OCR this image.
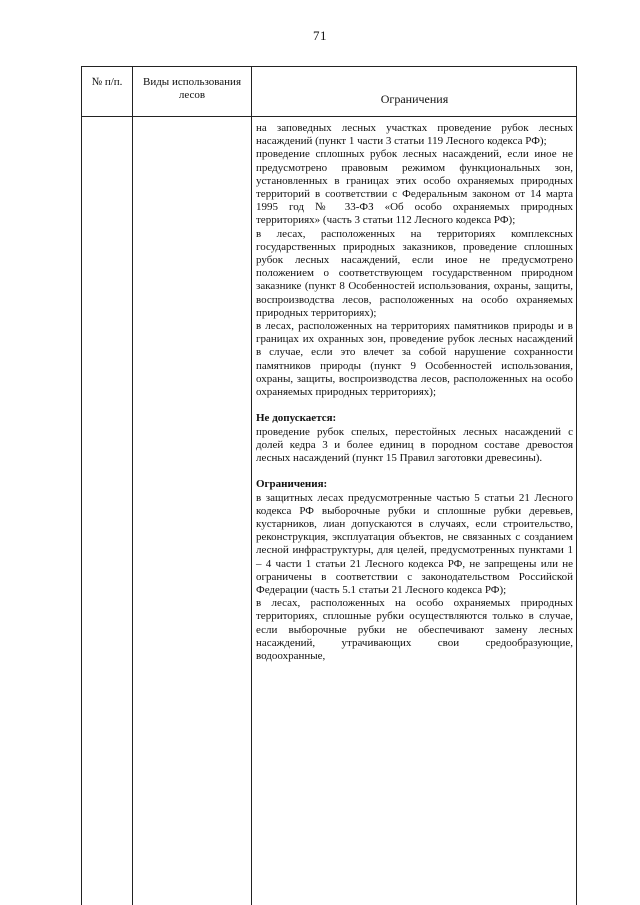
71
№ п/п.	Виды использования лесов	Ограничения

на заповедных лесных участках проведение рубок лесных насаждений (пункт 1 части 3 статьи 119 Лесного кодекса РФ);

проведение сплошных рубок лесных насаждений, если иное не предусмотрено правовым режимом функциональных зон, установленных в границах этих особо охраняемых природных территорий в соответствии с Федеральным законом от 14 марта 1995 год № 33-ФЗ «Об особо охраняемых природных территориях» (часть 3 статьи 112 Лесного кодекса РФ);

в лесах, расположенных на территориях комплексных государственных природных заказников, проведение сплошных рубок лесных насаждений, если иное не предусмотрено положением о соответствующем государственном природном заказнике (пункт 8 Особенностей использования, охраны, защиты, воспроизводства лесов, расположенных на особо охраняемых природных территориях);

в лесах, расположенных на территориях памятников природы и в границах их охранных зон, проведение рубок лесных насаждений в случае, если это влечет за собой нарушение сохранности памятников природы (пункт 9 Особенностей использования, охраны, защиты, воспроизводства лесов, расположенных на особо охраняемых природных территориях);

Не допускается:

проведение рубок спелых, перестойных лесных насаждений с долей кедра 3 и более единиц в породном составе древостоя лесных насаждений (пункт 15 Правил заготовки древесины).

Ограничения:

в защитных лесах предусмотренные частью 5 статьи 21 Лесного кодекса РФ выборочные рубки и сплошные рубки деревьев, кустарников, лиан допускаются в случаях, если строительство, реконструкция, эксплуатация объектов, не связанных с созданием лесной инфраструктуры, для целей, предусмотренных пунктами 1 – 4 части 1 статьи 21 Лесного кодекса РФ, не запрещены или не ограничены в соответствии с законодательством Российской Федерации (часть 5.1 статьи 21 Лесного кодекса РФ);

в лесах, расположенных на особо охраняемых природных территориях, сплошные рубки осуществляются только в случае, если выборочные рубки не обеспечивают замену лесных насаждений, утрачивающих свои средообразующие, водоохранные,
